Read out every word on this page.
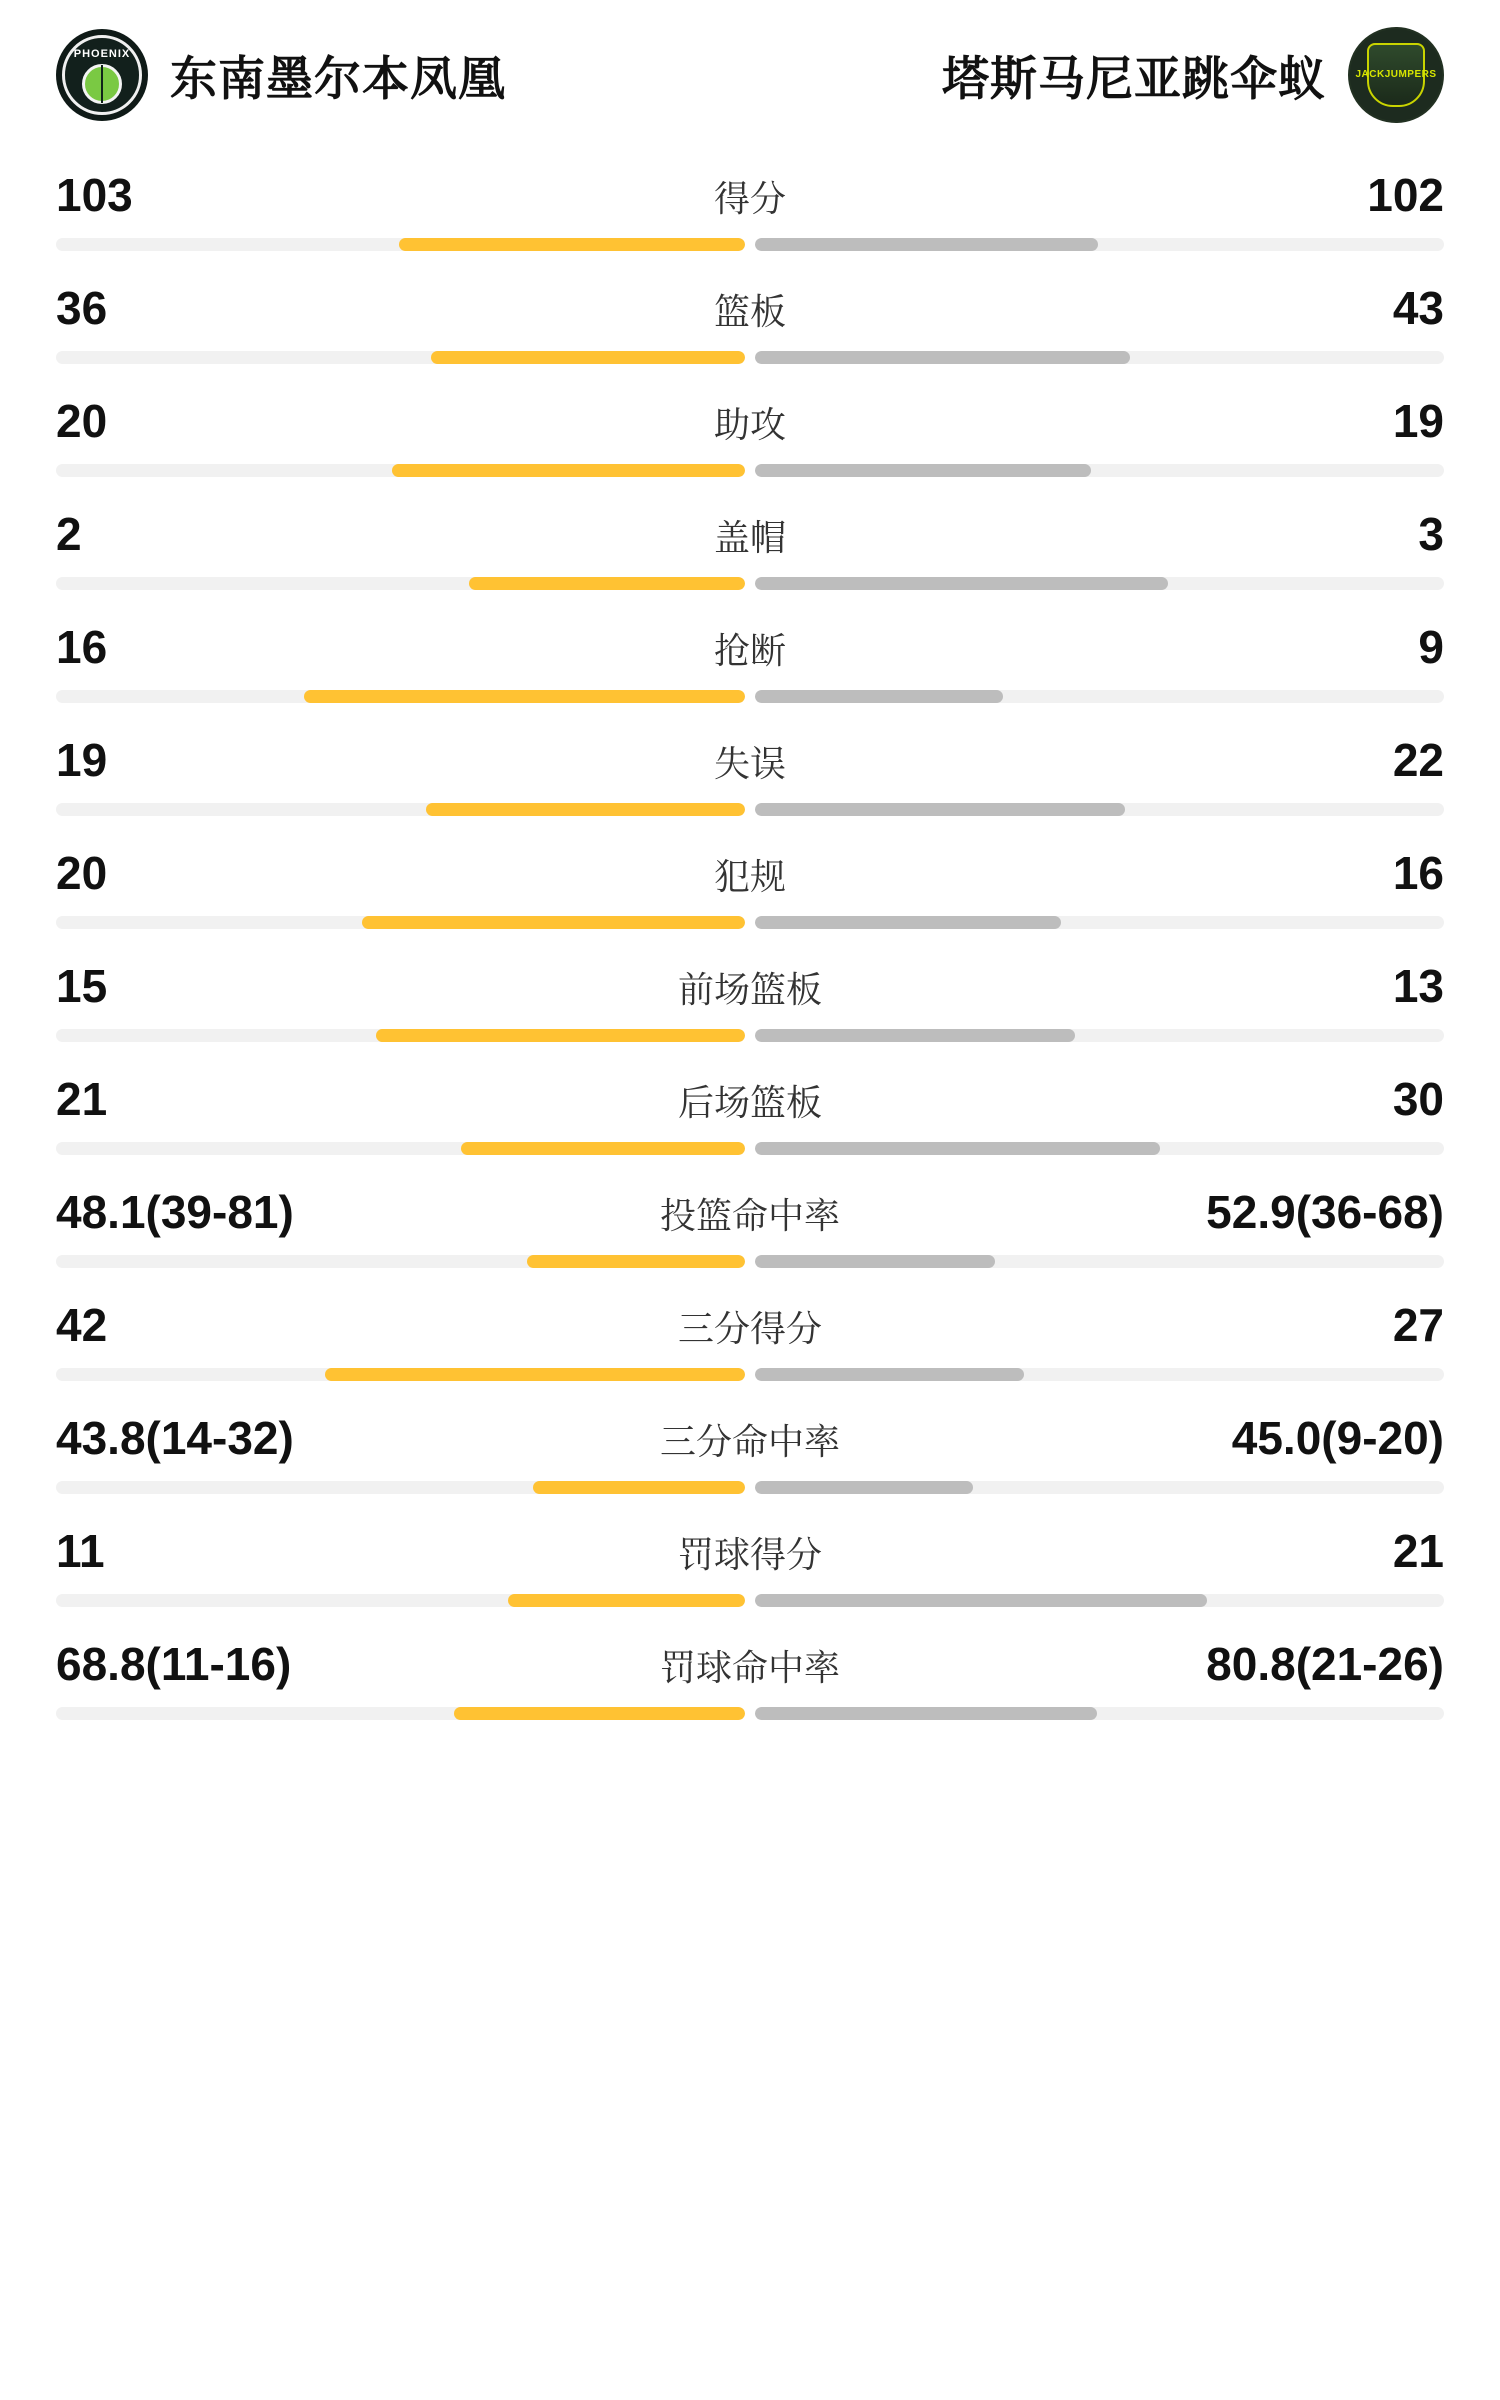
PHOENIX 东南墨尔本凤凰	塔斯马尼亚跳伞蚁	JACKJUMPERS
103	得分	102
36	篮板	43
20	助攻	19
2	盖帽	3
16	抢断	9
19	失误	22
20	犯规	16
15	前场篮板	13
21	后场篮板	30
48.1(39-81)	投篮命中率	52.9(36-68)
42	三分得分	27
43.8(14-32)	三分命中率	45.0(9-20)
11	罚球得分	21
68.8(11-16)	罚球命中率	80.8(21-26)
